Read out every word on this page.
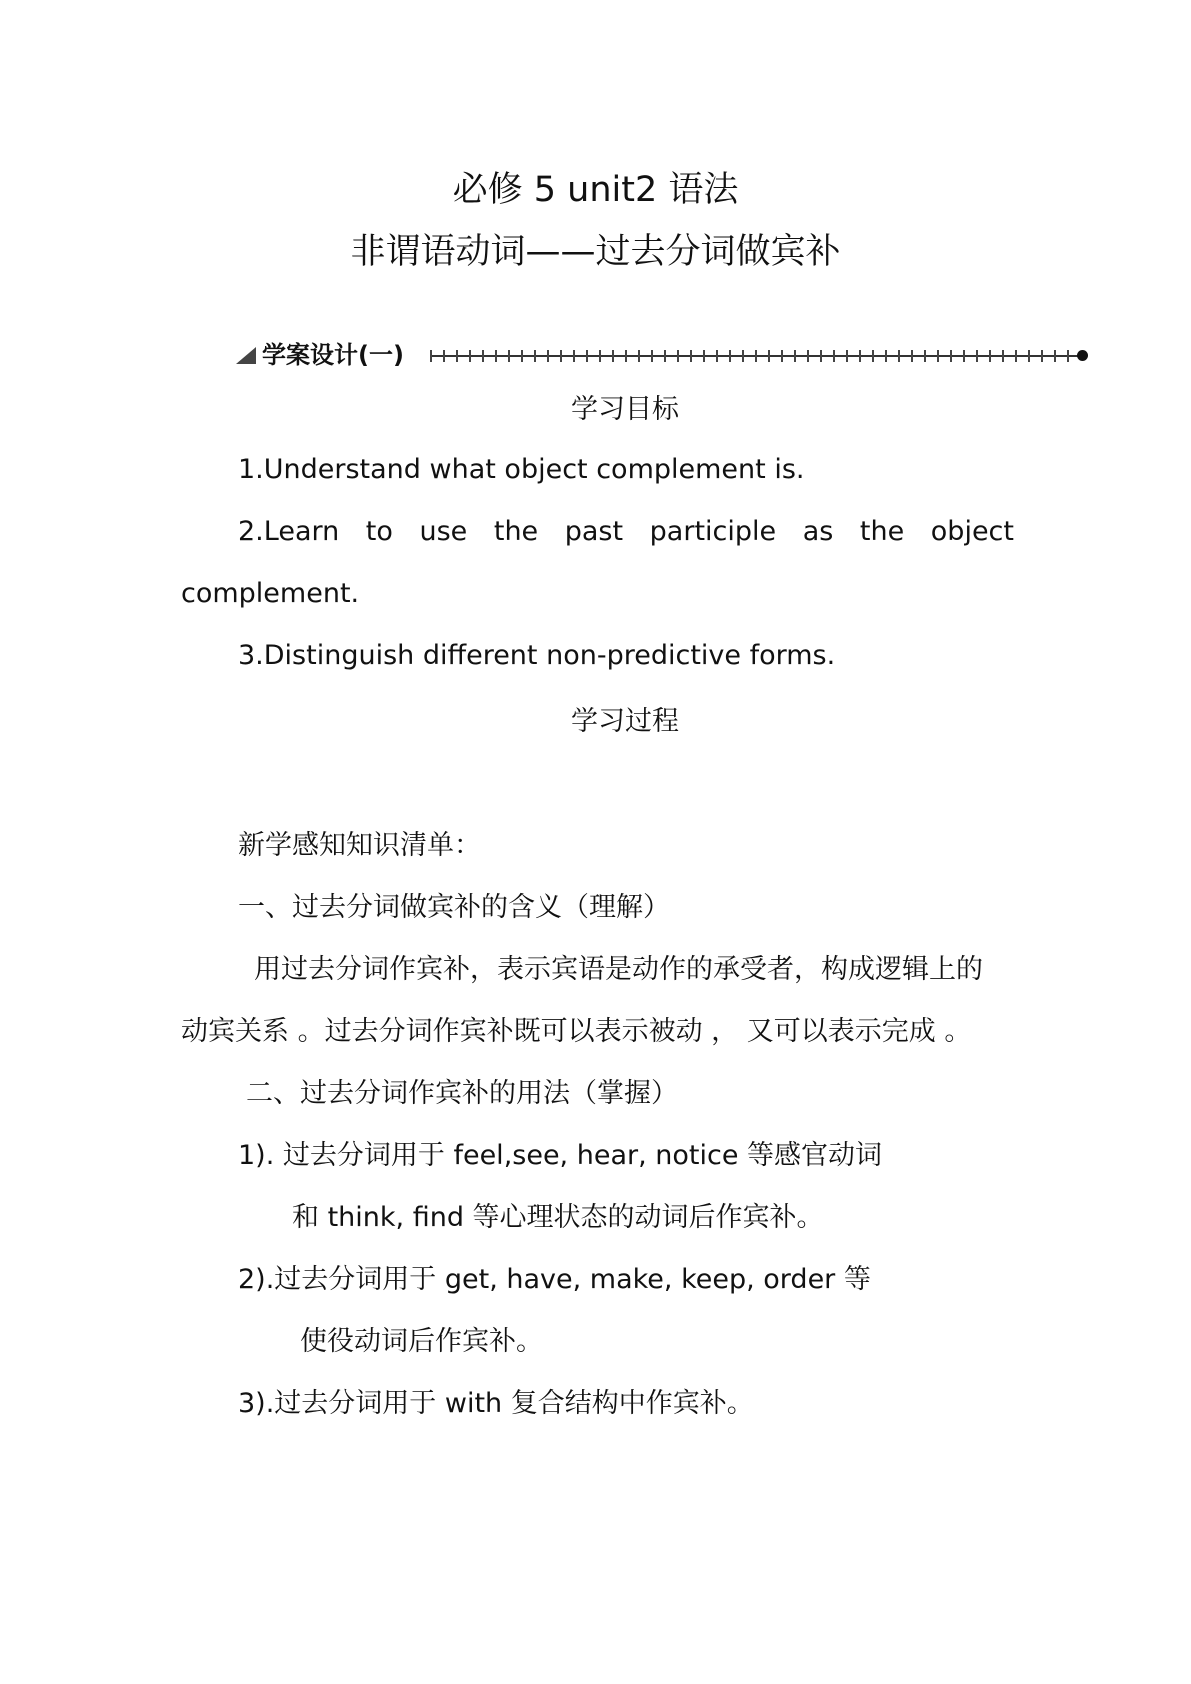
必修 5 unit2 语法
非谓语动词——过去分词做宾补
学案设计(一)
学习目标
1.Understand what object complement is.
2.Learn to use the past participle as the object
complement.
3.Distinguish different non-predictive forms.
学习过程
新学感知知识清单：
一、过去分词做宾补的含义（理解）
用过去分词作宾补，表示宾语是动作的承受者，构成逻辑上的
动宾关系 。过去分词作宾补既可以表示被动 ， 又可以表示完成 。
二、过去分词作宾补的用法（掌握）
1). 过去分词用于 feel,see, hear, notice 等感官动词
和 think, find 等心理状态的动词后作宾补。
2).过去分词用于 get, have, make, keep, order 等
使役动词后作宾补。
3).过去分词用于 with 复合结构中作宾补。
